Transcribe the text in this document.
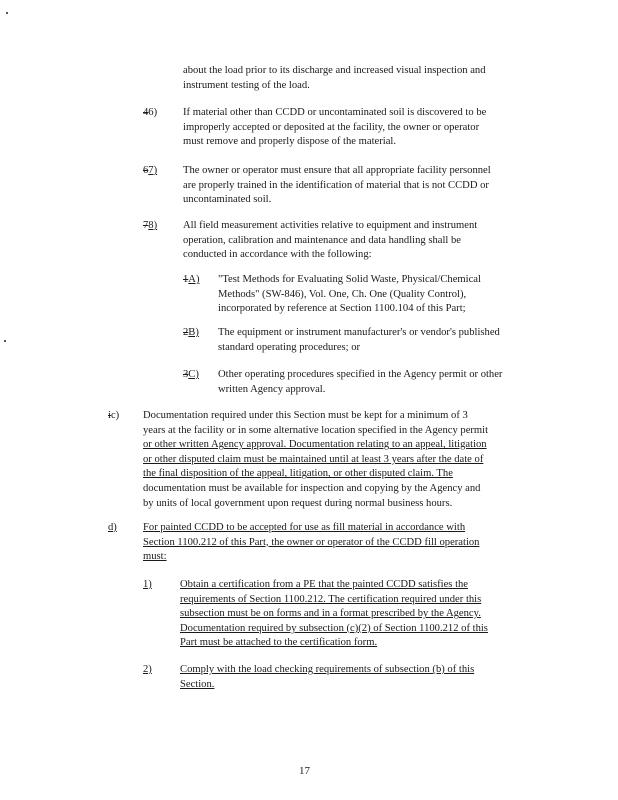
about the load prior to its discharge and increased visual inspection and
instrument testing of the load.
46) If material other than CCDD or uncontaminated soil is discovered to be
improperly accepted or deposited at the facility, the owner or operator
must remove and properly dispose of the material.
67) The owner or operator must ensure that all appropriate facility personnel
are properly trained in the identification of material that is not CCDD or
uncontaminated soil.
78) All field measurement activities relative to equipment and instrument
operation, calibration and maintenance and data handling shall be
conducted in accordance with the following:
1A) "Test Methods for Evaluating Solid Waste, Physical/Chemical
Methods" (SW-846), Vol. One, Ch. One (Quality Control),
incorporated by reference at Section 1100.104 of this Part;
2B) The equipment or instrument manufacturer's or vendor's published
standard operating procedures; or
3C) Other operating procedures specified in the Agency permit or other
written Agency approval.
ic) Documentation required under this Section must be kept for a minimum of 3
years at the facility or in some alternative location specified in the Agency permit
or other written Agency approval. Documentation relating to an appeal, litigation
or other disputed claim must be maintained until at least 3 years after the date of
the final disposition of the appeal, litigation, or other disputed claim. The
documentation must be available for inspection and copying by the Agency and
by units of local government upon request during normal business hours.
d)	For painted CCDD to be accepted for use as fill material in accordance with
Section 1100.212 of this Part, the owner or operator of the CCDD fill operation
must:
1)	Obtain a certification from a PE that the painted CCDD satisfies the
requirements of Section 1100.212. The certification required under this
subsection must be on forms and in a format prescribed by the Agency.
Documentation required by subsection (c)(2) of Section 1100.212 of this
Part must be attached to the certification form.
2)	Comply with the load checking requirements of subsection (b) of this
Section.
17
